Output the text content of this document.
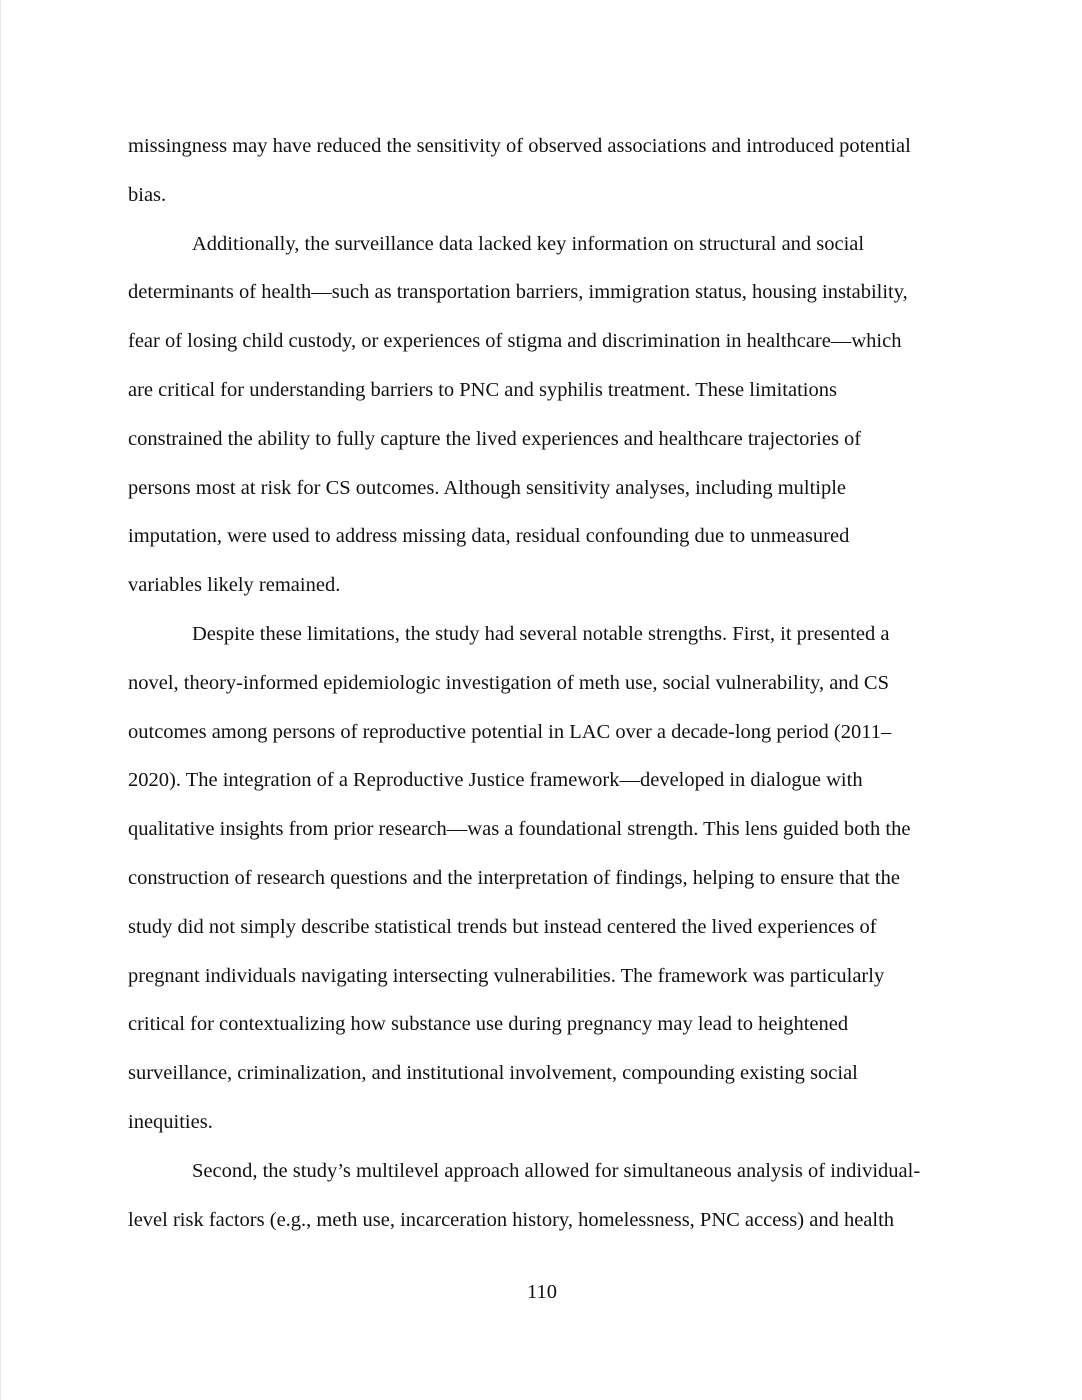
missingness may have reduced the sensitivity of observed associations and introduced potential
bias.
Additionally, the surveillance data lacked key information on structural and social
determinants of health—such as transportation barriers, immigration status, housing instability,
fear of losing child custody, or experiences of stigma and discrimination in healthcare—which
are critical for understanding barriers to PNC and syphilis treatment. These limitations
constrained the ability to fully capture the lived experiences and healthcare trajectories of
persons most at risk for CS outcomes. Although sensitivity analyses, including multiple
imputation, were used to address missing data, residual confounding due to unmeasured
variables likely remained.
Despite these limitations, the study had several notable strengths. First, it presented a
novel, theory-informed epidemiologic investigation of meth use, social vulnerability, and CS
outcomes among persons of reproductive potential in LAC over a decade-long period (2011–
2020). The integration of a Reproductive Justice framework—developed in dialogue with
qualitative insights from prior research—was a foundational strength. This lens guided both the
construction of research questions and the interpretation of findings, helping to ensure that the
study did not simply describe statistical trends but instead centered the lived experiences of
pregnant individuals navigating intersecting vulnerabilities. The framework was particularly
critical for contextualizing how substance use during pregnancy may lead to heightened
surveillance, criminalization, and institutional involvement, compounding existing social
inequities.
Second, the study’s multilevel approach allowed for simultaneous analysis of individual-
level risk factors (e.g., meth use, incarceration history, homelessness, PNC access) and health
110
